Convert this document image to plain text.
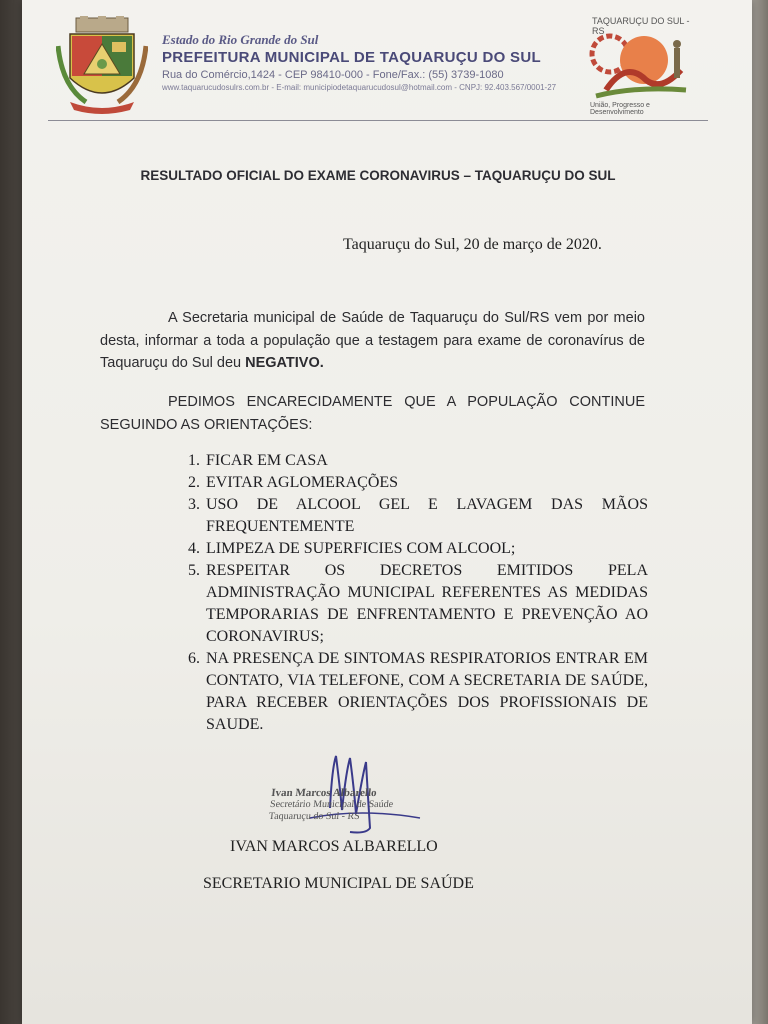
Estado do Rio Grande do Sul
PREFEITURA MUNICIPAL DE TAQUARUÇU DO SUL
Rua do Comércio,1424 - CEP 98410-000 - Fone/Fax.: (55) 3739-1080
www.taquarucudosulrs.com.br - E-mail: municipiodetaquarucudosul@hotmail.com - CNPJ: 92.403.567/0001-27
TAQUARUÇU DO SUL - RS
União, Progresso e Desenvolvimento
RESULTADO OFICIAL DO EXAME CORONAVIRUS – TAQUARUÇU DO SUL
Taquaruçu do Sul, 20 de março de 2020.
A Secretaria municipal de Saúde de Taquaruçu do Sul/RS vem por meio desta, informar a toda a população que a testagem para exame de coronavírus de Taquaruçu do Sul deu NEGATIVO.
PEDIMOS ENCARECIDAMENTE QUE A POPULAÇÃO CONTINUE SEGUINDO AS ORIENTAÇÕES:
1. FICAR EM CASA
2. EVITAR AGLOMERAÇÕES
3. USO DE ALCOOL GEL E LAVAGEM DAS MÃOS FREQUENTEMENTE
4. LIMPEZA DE SUPERFICIES COM ALCOOL;
5. RESPEITAR OS DECRETOS EMITIDOS PELA ADMINISTRAÇÃO MUNICIPAL REFERENTES AS MEDIDAS TEMPORARIAS DE ENFRENTAMENTO E PREVENÇÃO AO CORONAVIRUS;
6. NA PRESENÇA DE SINTOMAS RESPIRATORIOS ENTRAR EM CONTATO, VIA TELEFONE, COM A SECRETARIA DE SAÚDE, PARA RECEBER ORIENTAÇÕES DOS PROFISSIONAIS DE SAUDE.
Ivan Marcos Albarello
Secretário Municipal de Saúde
Taquaruçu do Sul - RS
IVAN MARCOS ALBARELLO
SECRETARIO MUNICIPAL DE SAÚDE
